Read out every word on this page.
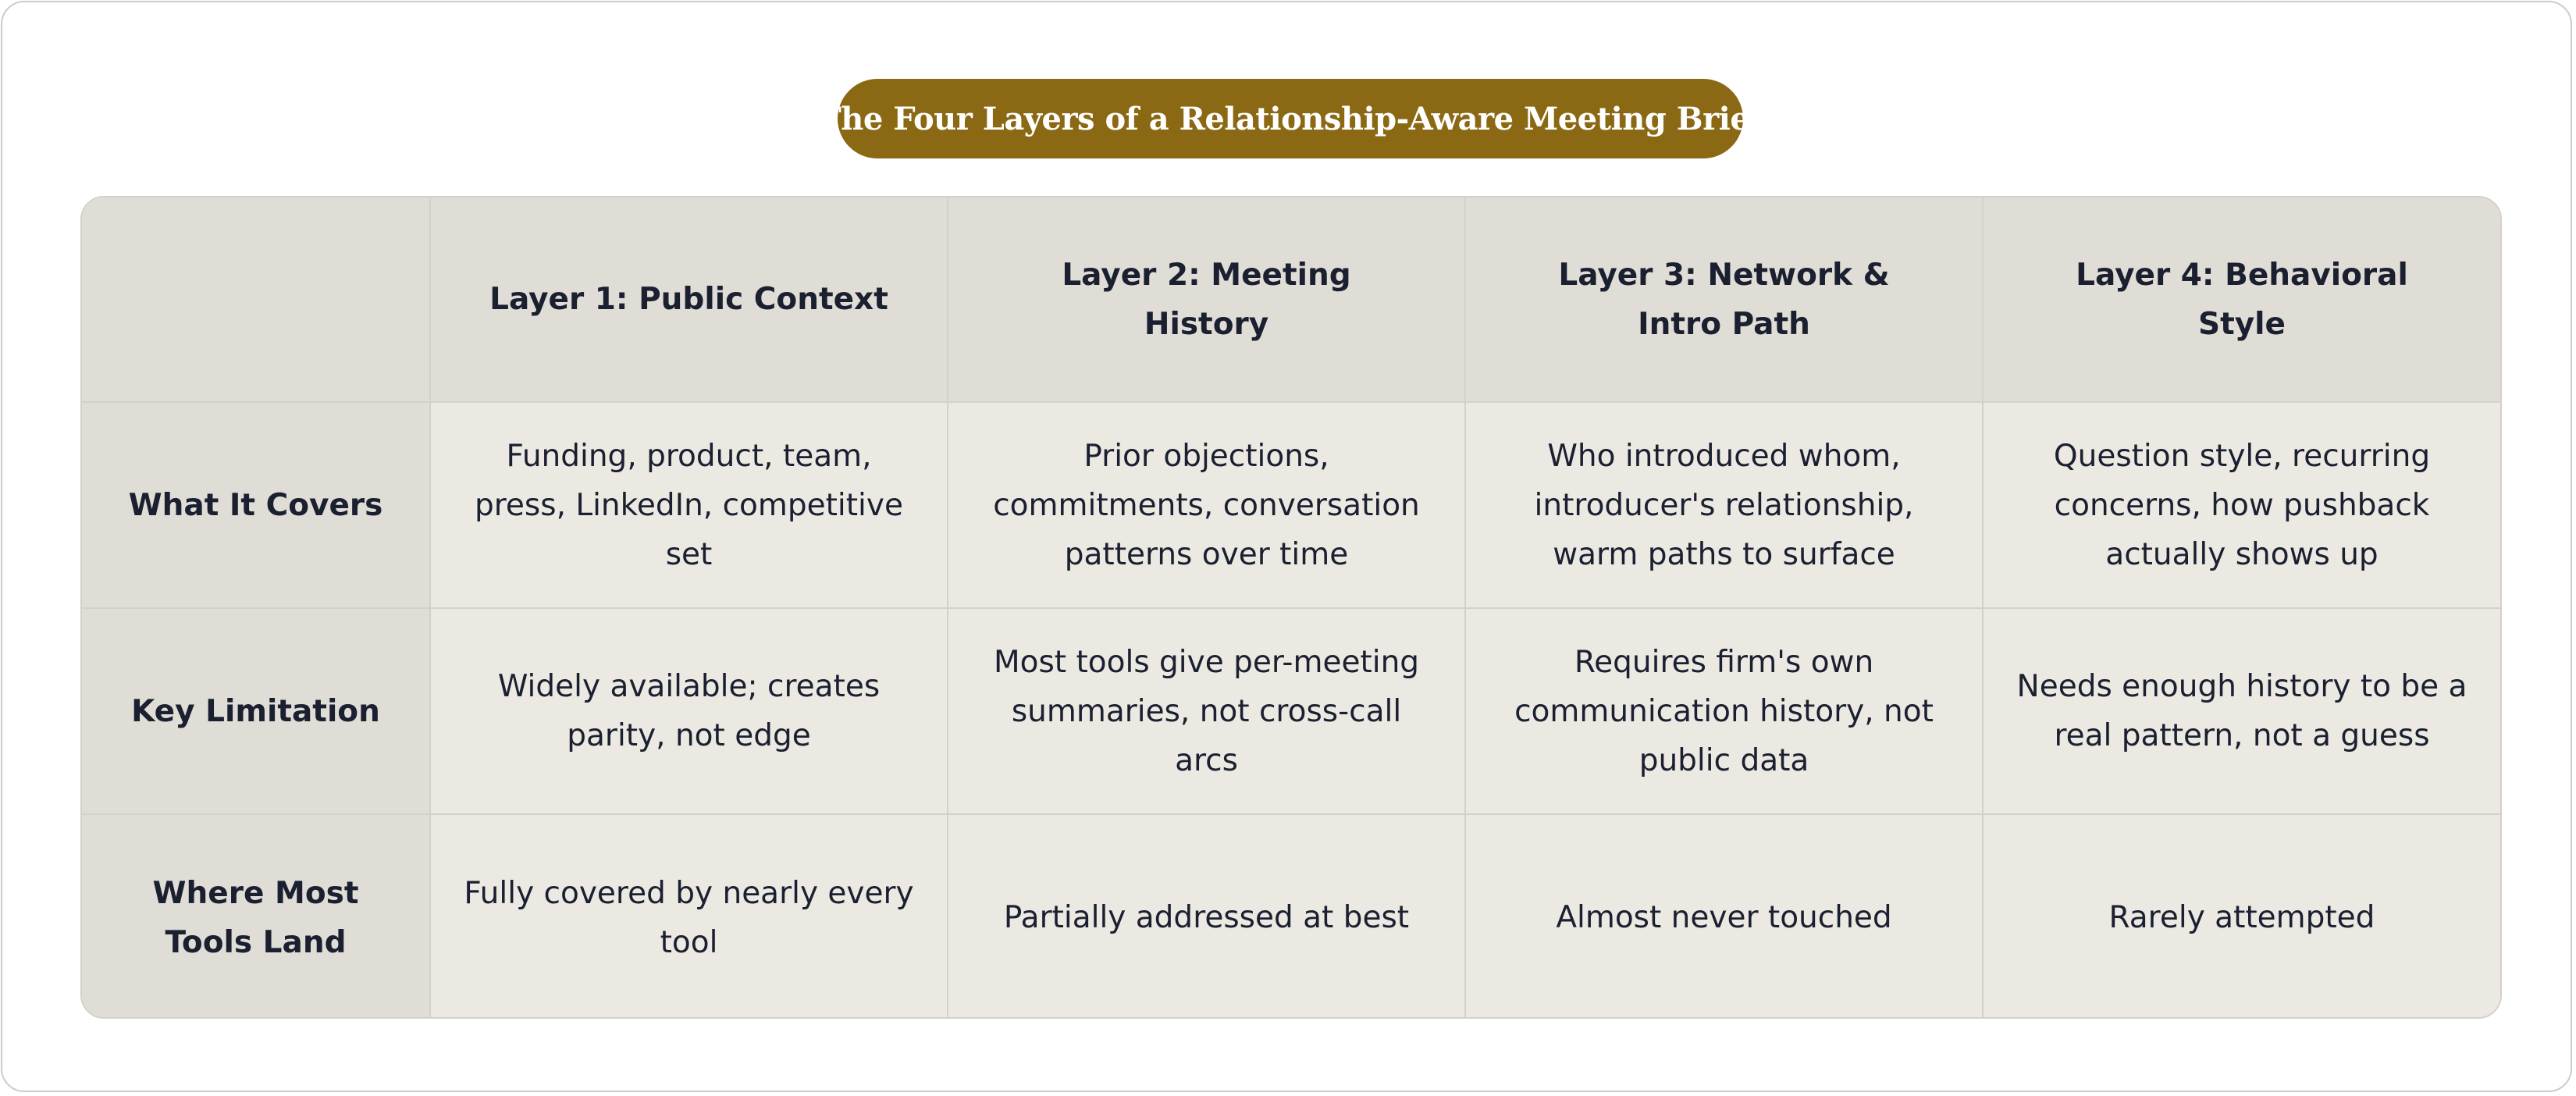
The Four Layers of a Relationship-Aware Meeting Brief
	Layer 1: Public Context	Layer 2: Meeting History	Layer 3: Network & Intro Path	Layer 4: Behavioral Style
What It Covers	Funding, product, team, press, LinkedIn, competitive set	Prior objections, commitments, conversation patterns over time	Who introduced whom, introducer's relationship, warm paths to surface	Question style, recurring concerns, how pushback actually shows up
Key Limitation	Widely available; creates parity, not edge	Most tools give per-meeting summaries, not cross-call arcs	Requires firm's own communication history, not public data	Needs enough history to be a real pattern, not a guess
Where Most Tools Land	Fully covered by nearly every tool	Partially addressed at best	Almost never touched	Rarely attempted
